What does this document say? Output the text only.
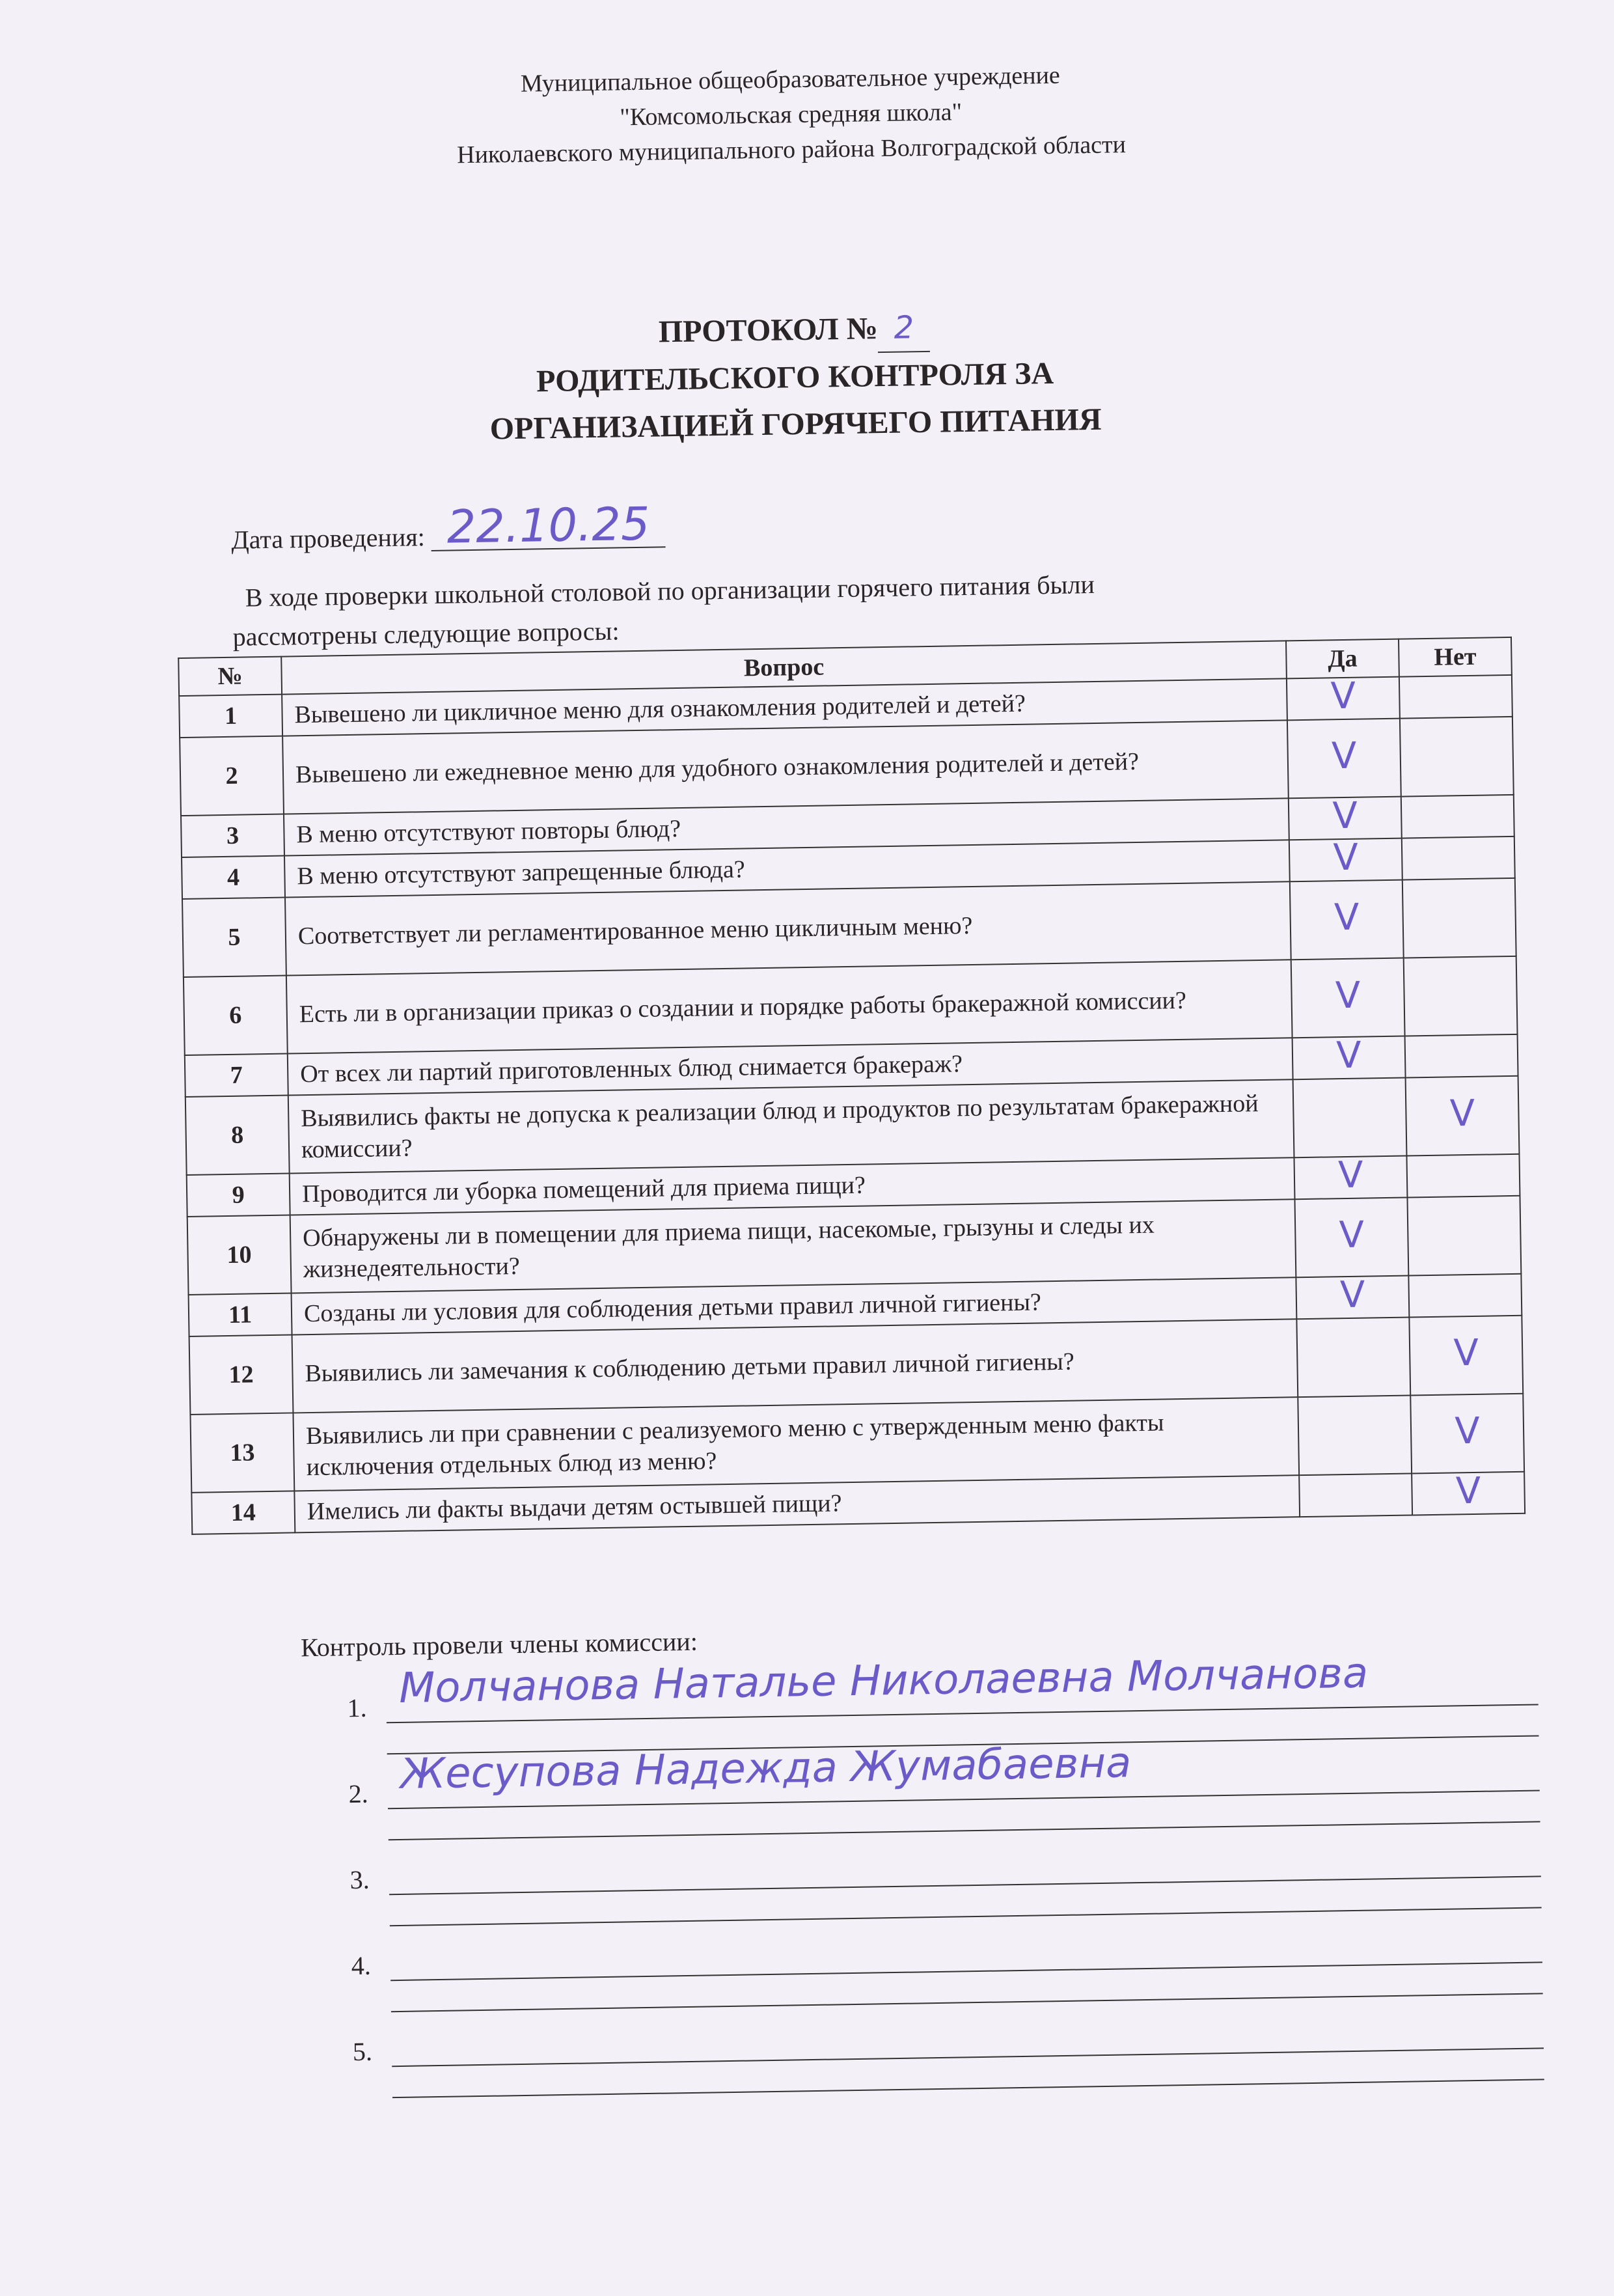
Муниципальное общеобразовательное учреждение
"Комсомольская средняя школа"
Николаевского муниципального района Волгоградской области
ПРОТОКОЛ № 2
РОДИТЕЛЬСКОГО КОНТРОЛЯ ЗА
ОРГАНИЗАЦИЕЙ ГОРЯЧЕГО ПИТАНИЯ
Дата проведения: 22.10.25
В ходе проверки школьной столовой по организации горячего питания были
рассмотрены следующие вопросы:
№	Вопрос	Да	Нет
1	Вывешено ли цикличное меню для ознакомления родителей и детей?	V	
2	Вывешено ли ежедневное меню для удобного ознакомления родителей и детей?	V	
3	В меню отсутствуют повторы блюд?	V	
4	В меню отсутствуют запрещенные блюда?	V	
5	Соответствует ли регламентированное меню цикличным меню?	V	
6	Есть ли в организации приказ о создании и порядке работы бракеражной комиссии?	V	
7	От всех ли партий приготовленных блюд снимается бракераж?	V	
8	Выявились факты не допуска к реализации блюд и продуктов по результатам бракеражной комиссии?		V
9	Проводится ли уборка помещений для приема пищи?	V	
10	Обнаружены ли в помещении для приема пищи, насекомые, грызуны и следы их жизнедеятельности?	V	
11	Созданы ли условия для соблюдения детьми правил личной гигиены?	V	
12	Выявились ли замечания к соблюдению детьми правил личной гигиены?		V
13	Выявились ли при сравнении с реализуемого меню с утвержденным меню факты исключения отдельных блюд из меню?		V
14	Имелись ли факты выдачи детям остывшей пищи?		V
Контроль провели члены комиссии:
1. Молчанова Наталье Николаевна Молчанова
2. Жесупова Надежда Жумабаевна
3.
4.
5.
